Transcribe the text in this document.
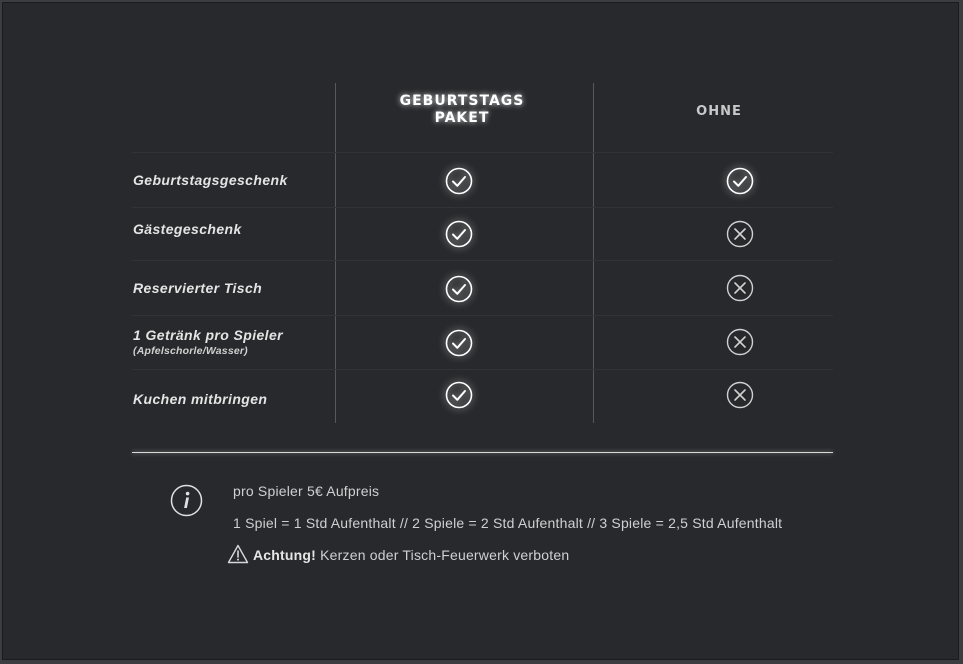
GEBURTSTAGS
PAKET	OHNE
Geburtstagsgeschenk
Gästegeschenk
Reservierter Tisch
1 Getränk pro Spieler
(Apfelschorle/Wasser)
Kuchen mitbringen
pro Spieler 5€ Aufpreis
1 Spiel = 1 Std Aufenthalt // 2 Spiele = 2 Std Aufenthalt // 3 Spiele = 2,5 Std Aufenthalt
Achtung! Kerzen oder Tisch-Feuerwerk verboten
